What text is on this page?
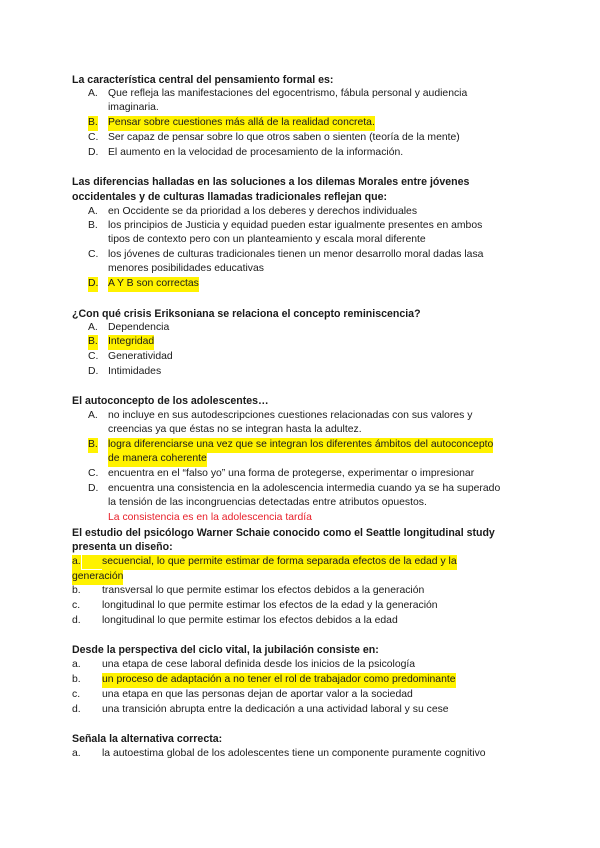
La característica central del pensamiento formal es:
A. Que refleja las manifestaciones del egocentrismo, fábula personal y audiencia
imaginaria.
B. Pensar sobre cuestiones más allá de la realidad concreta.
C. Ser capaz de pensar sobre lo que otros saben o sienten (teoría de la mente)
D. El aumento en la velocidad de procesamiento de la información.
Las diferencias halladas en las soluciones a los dilemas Morales entre jóvenes
occidentales y de culturas llamadas tradicionales reflejan que:
A. en Occidente se da prioridad a los deberes y derechos individuales
B. los principios de Justicia y equidad pueden estar igualmente presentes en ambos
tipos de contexto pero con un planteamiento y escala moral diferente
C. los jóvenes de culturas tradicionales tienen un menor desarrollo moral dadas lasa
menores posibilidades educativas
D. A Y B son correctas
¿Con qué crisis Eriksoniana se relaciona el concepto reminiscencia?
A. Dependencia
B. Integridad
C. Generatividad
D. Intimidades
El autoconcepto de los adolescentes…
A. no incluye en sus autodescripciones cuestiones relacionadas con sus valores y
creencias ya que éstas no se integran hasta la adultez.
B. logra diferenciarse una vez que se integran los diferentes ámbitos del autoconcepto
de manera coherente
C. encuentra en el “falso yo” una forma de protegerse, experimentar o impresionar
D. encuentra una consistencia en la adolescencia intermedia cuando ya se ha superado
la tensión de las incongruencias detectadas entre atributos opuestos.
La consistencia es en la adolescencia tardía
El estudio del psicólogo Warner Schaie conocido como el Seattle longitudinal study
presenta un diseño:
a. secuencial, lo que permite estimar de forma separada efectos de la edad y la
generación
b. transversal lo que permite estimar los efectos debidos a la generación
c. longitudinal lo que permite estimar los efectos de la edad y la generación
d. longitudinal lo que permite estimar los efectos debidos a la edad
Desde la perspectiva del ciclo vital, la jubilación consiste en:
a. una etapa de cese laboral definida desde los inicios de la psicología
b. un proceso de adaptación a no tener el rol de trabajador como predominante
c. una etapa en que las personas dejan de aportar valor a la sociedad
d. una transición abrupta entre la dedicación a una actividad laboral y su cese
Señala la alternativa correcta:
a. la autoestima global de los adolescentes tiene un componente puramente cognitivo
